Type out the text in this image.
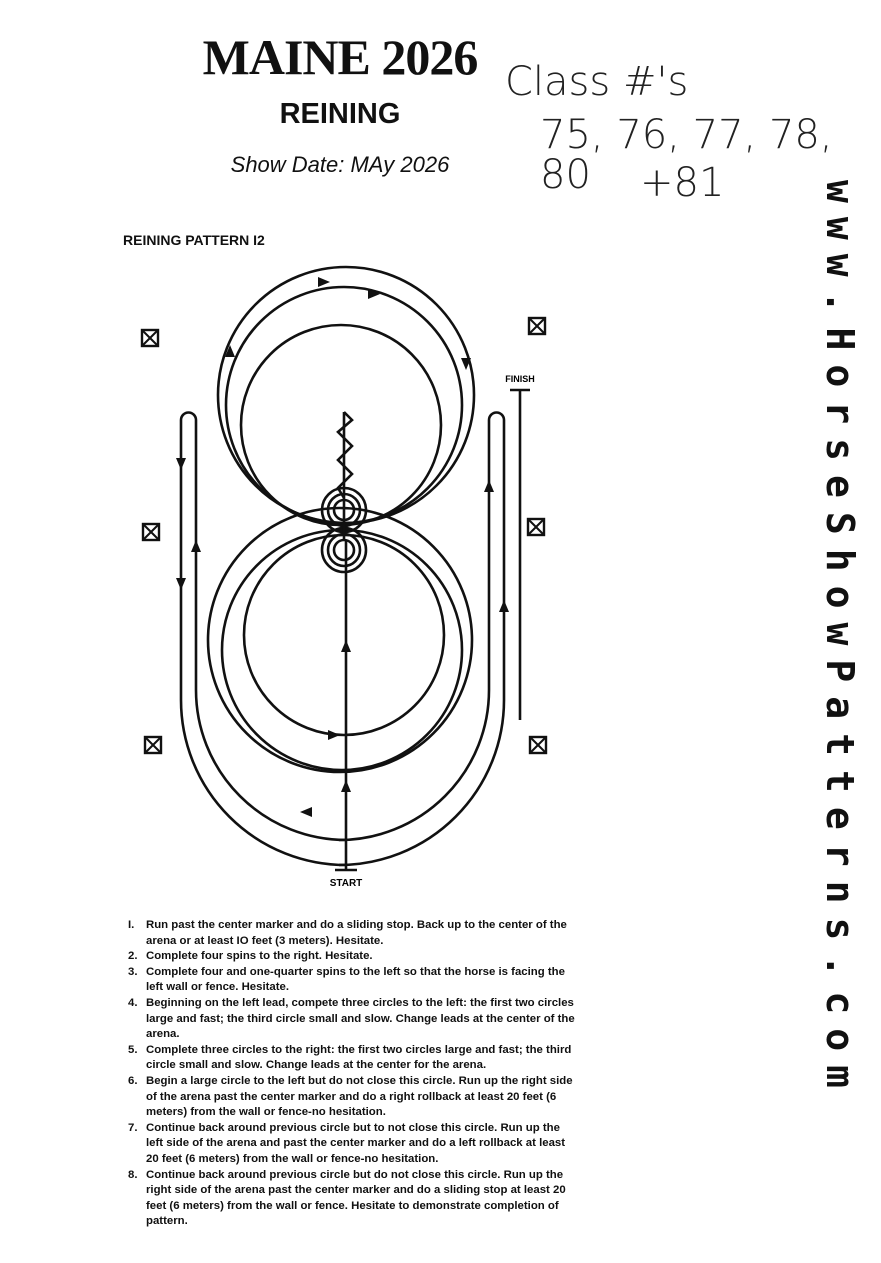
MAINE 2026
REINING
Show Date: MAy 2026
Class #'s
75, 76, 77, 78, 80	+81 www.HorseShowPatterns.com
REINING PATTERN I2
START
FINISH
I. Run past the center marker and do a sliding stop. Back up to the center of the arena or at least IO feet (3 meters). Hesitate.
2. Complete four spins to the right. Hesitate.
3. Complete four and one-quarter spins to the left so that the horse is facing the left wall or fence. Hesitate.
4. Beginning on the left lead, compete three circles to the left: the first two circles large and fast; the third circle small and slow. Change leads at the center of the arena.
5. Complete three circles to the right: the first two circles large and fast; the third circle small and slow. Change leads at the center for the arena.
6. Begin a large circle to the left but do not close this circle. Run up the right side of the arena past the center marker and do a right rollback at least 20 feet (6 meters) from the wall or fence-no hesitation.
7. Continue back around previous circle but to not close this circle. Run up the left side of the arena and past the center marker and do a left rollback at least 20 feet (6 meters) from the wall or fence-no hesitation.
8. Continue back around previous circle but do not close this circle. Run up the right side of the arena past the center marker and do a sliding stop at least 20 feet (6 meters) from the wall or fence. Hesitate to demonstrate completion of pattern.
